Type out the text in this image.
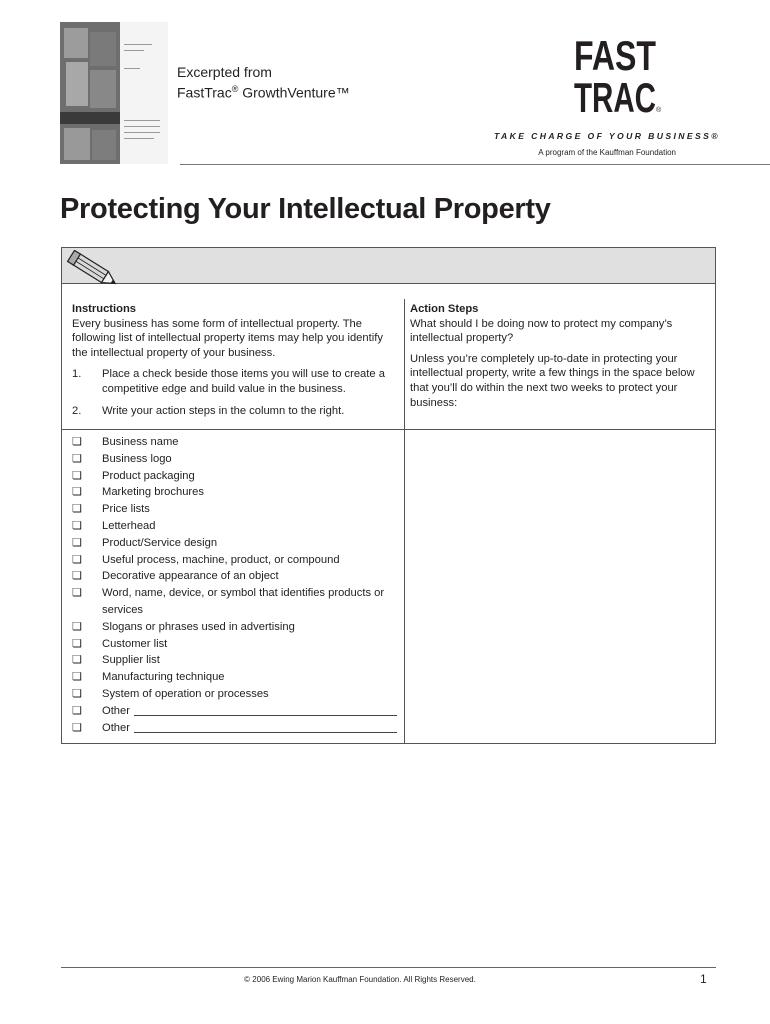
Excerpted from
FastTrac® GrowthVenture™
FAST
TRAC ®
TAKE CHARGE OF YOUR BUSINESS®
A program of the Kauffman Foundation
Protecting Your Intellectual Property
Instructions
Every business has some form of intellectual property. The following list of intellectual property items may help you identify the intellectual property of your business.
1.	Place a check beside those items you will use to create a competitive edge and build value in the business.
2.	Write your action steps in the column to the right.
Action Steps
What should I be doing now to protect my company’s intellectual property?
Unless you’re completely up-to-date in protecting your intellectual property, write a few things in the space below that you’ll do within the next two weeks to protect your business:
❏	Business name
❏	Business logo
❏	Product packaging
❏	Marketing brochures
❏	Price lists
❏	Letterhead
❏	Product/Service design
❏	Useful process, machine, product, or compound
❏	Decorative appearance of an object
❏	Word, name, device, or symbol that identifies products or services
❏	Slogans or phrases used in advertising
❏	Customer list
❏	Supplier list
❏	Manufacturing technique
❏	System of operation or processes
❏	Other
❏	Other
© 2006 Ewing Marion Kauffman Foundation. All Rights Reserved.	1
